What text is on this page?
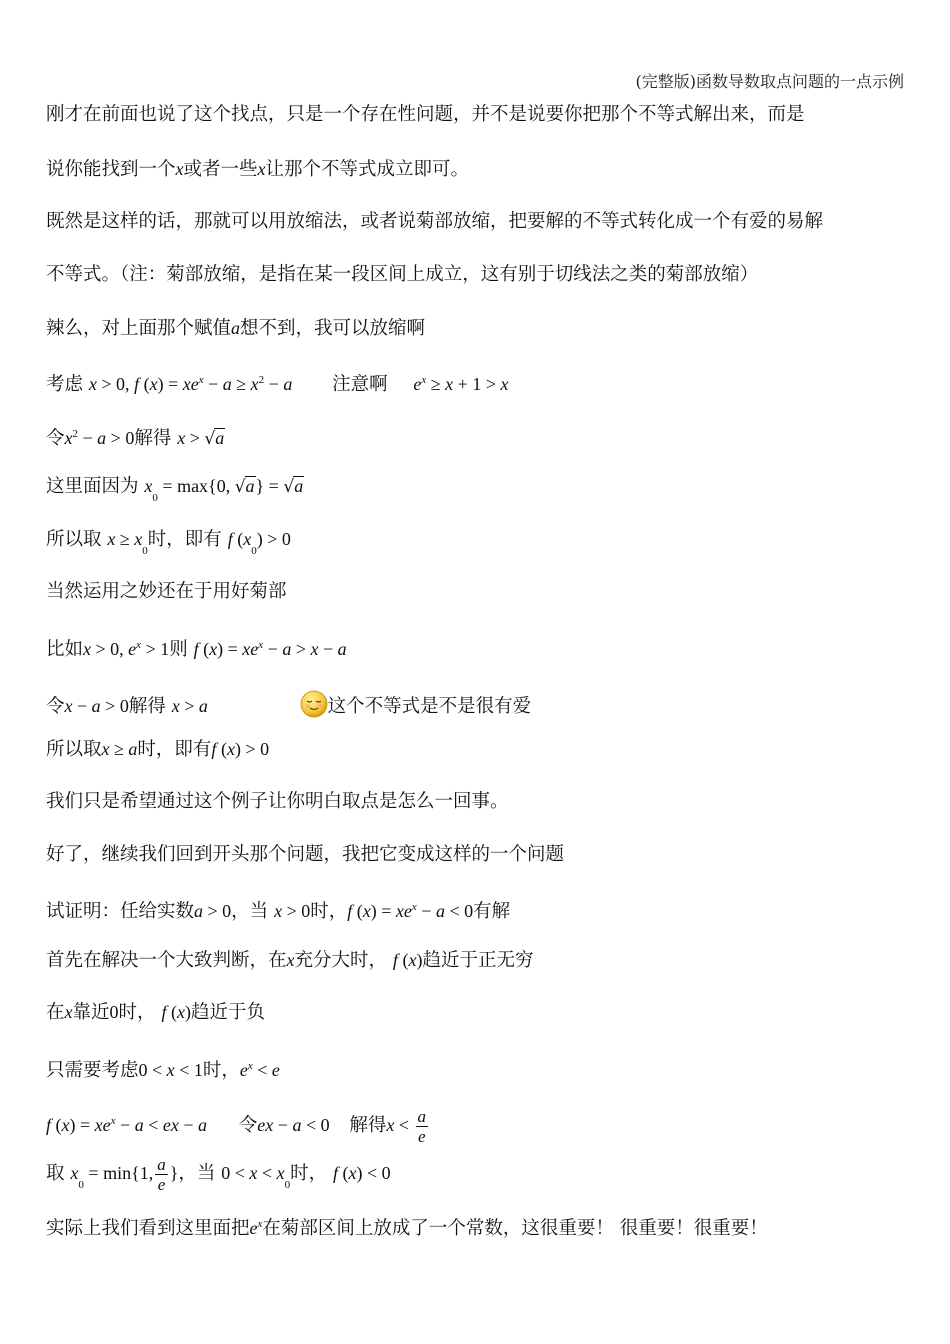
(完整版)函数导数取点问题的一点示例
刚才在前面也说了这个找点，只是一个存在性问题，并不是说要你把那个不等式解出来，而是
说你能找到一个x或者一些x让那个不等式成立即可。
既然是这样的话，那就可以用放缩法，或者说菊部放缩，把要解的不等式转化成一个有爱的易解
不等式。（注：菊部放缩，是指在某一段区间上成立，这有别于切线法之类的菊部放缩）
辣么，对上面那个赋值a想不到，我可以放缩啊
考虑 x > 0, f $(x) = xe^x - a \ge x^2 - a$ 注意啊 $e^x \ge x + 1 > x$
令$x^2 - a > 0$解得 x > √a
这里面因为 $x_0 = \max\{0$, √a} = √a
所以取 $x \ge x_0$时，即有 f $(x_0) > 0$
当然运用之妙还在于用好菊部
比如x > 0, $e^x > 1$则 f $(x) = xe^x - a > x - a$
令x − a > 0解得 x > a	这个不等式是不是很有爱
所以取x ≥ a时，即有f (x) > 0
我们只是希望通过这个例子让你明白取点是怎么一回事。
好了，继续我们回到开头那个问题，我把它变成这样的一个问题
试证明：任给实数a > 0，当 x > 0时，f $(x) = xe^x - a < 0$有解
首先在解决一个大致判断，在x充分大时， f (x)趋近于正无穷
在x靠近0时， f (x)趋近于负
只需要考虑0 < x < 1时，$e^x < e$
f $(x) = xe^x - a$ < ex − a 令ex − a < 0 解得$x < \frac{a}{e}$
取 $x_0 = \min\{1$, $\frac{a}{e}$ }，当 $0 < x < x_0$时， f (x) < 0
实际上我们看到这里面把$e^x$在菊部区间上放成了一个常数，这很重要！ 很重要！很重要！
